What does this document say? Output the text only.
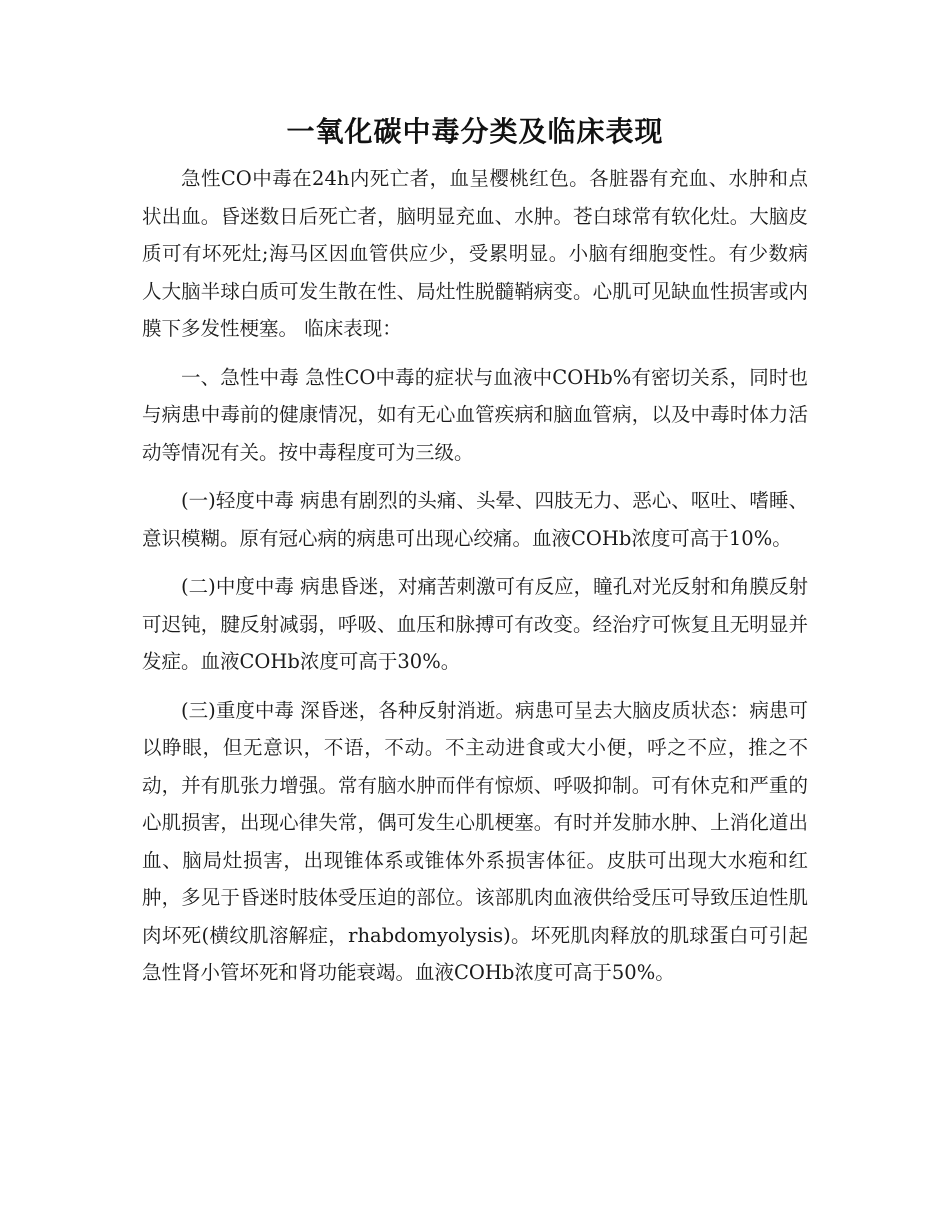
一氧化碳中毒分类及临床表现

急性CO中毒在24h内死亡者，血呈樱桃红色。各脏器有充血、水肿和点状出血。昏迷数日后死亡者，脑明显充血、水肿。苍白球常有软化灶。大脑皮质可有坏死灶;海马区因血管供应少，受累明显。小脑有细胞变性。有少数病人大脑半球白质可发生散在性、局灶性脱髓鞘病变。心肌可见缺血性损害或内膜下多发性梗塞。 临床表现：

一、急性中毒 急性CO中毒的症状与血液中COHb%有密切关系，同时也与病患中毒前的健康情况，如有无心血管疾病和脑血管病，以及中毒时体力活动等情况有关。按中毒程度可为三级。

(一)轻度中毒 病患有剧烈的头痛、头晕、四肢无力、恶心、呕吐、嗜睡、意识模糊。原有冠心病的病患可出现心绞痛。血液COHb浓度可高于10%。

(二)中度中毒 病患昏迷，对痛苦刺激可有反应，瞳孔对光反射和角膜反射可迟钝，腱反射减弱，呼吸、血压和脉搏可有改变。经治疗可恢复且无明显并发症。血液COHb浓度可高于30%。

(三)重度中毒 深昏迷，各种反射消逝。病患可呈去大脑皮质状态：病患可以睁眼，但无意识，不语，不动。不主动进食或大小便，呼之不应，推之不动，并有肌张力增强。常有脑水肿而伴有惊烦、呼吸抑制。可有休克和严重的心肌损害，出现心律失常，偶可发生心肌梗塞。有时并发肺水肿、上消化道出血、脑局灶损害，出现锥体系或锥体外系损害体征。皮肤可出现大水疱和红肿，多见于昏迷时肢体受压迫的部位。该部肌肉血液供给受压可导致压迫性肌肉坏死(横纹肌溶解症，rhabdomyolysis)。坏死肌肉释放的肌球蛋白可引起急性肾小管坏死和肾功能衰竭。血液COHb浓度可高于50%。
